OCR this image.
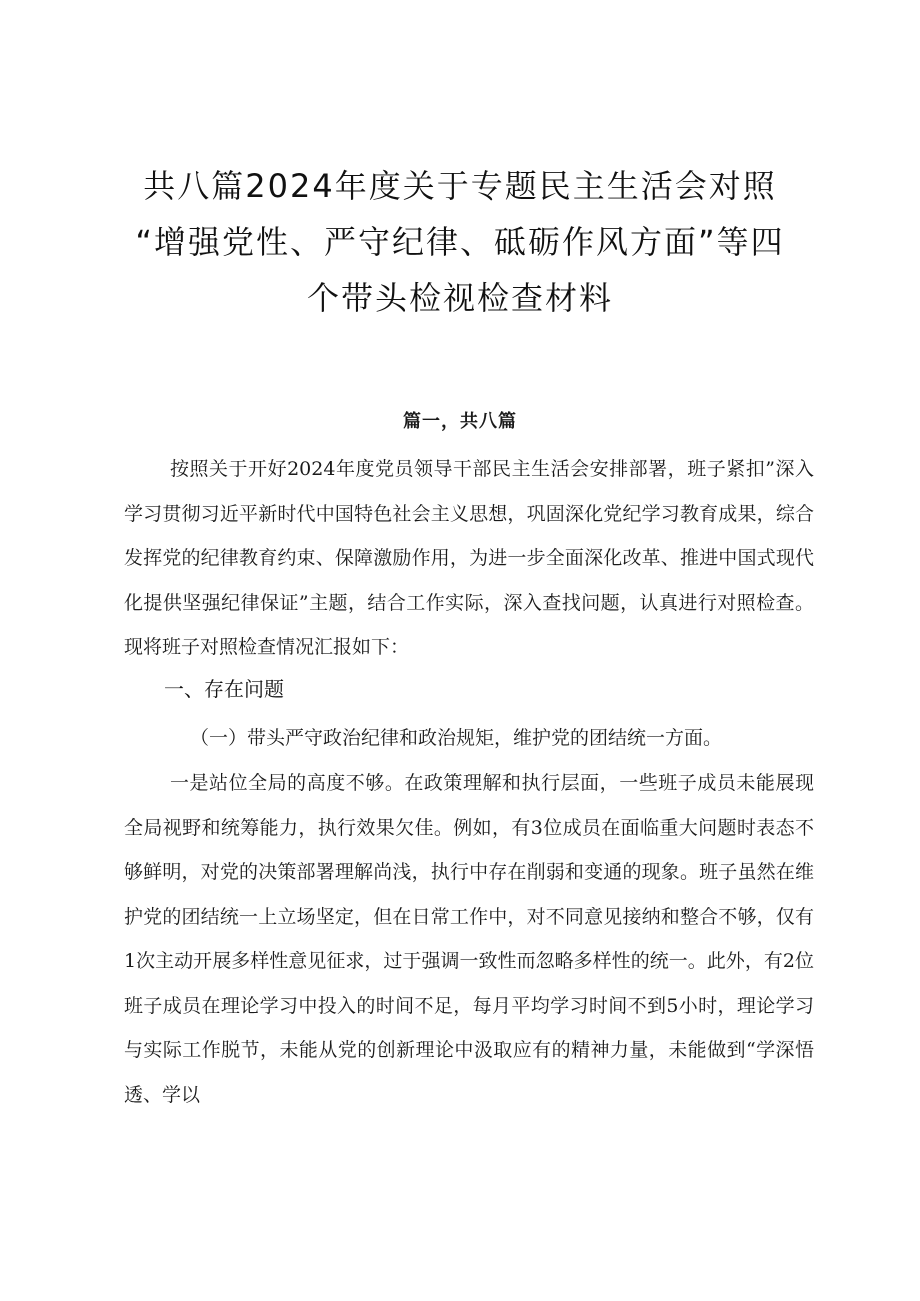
共八篇2024年度关于专题民主生活会对照
“增强党性、严守纪律、砥砺作风方面”等四
个带头检视检查材料
篇一，共八篇
按照关于开好2024年度党员领导干部民主生活会安排部署，班子紧扣”深入学习贯彻习近平新时代中国特色社会主义思想，巩固深化党纪学习教育成果，综合发挥党的纪律教育约束、保障激励作用，为进一步全面深化改革、推进中国式现代化提供坚强纪律保证”主题，结合工作实际，深入查找问题，认真进行对照检查。现将班子对照检查情况汇报如下：
一、存在问题
（一）带头严守政治纪律和政治规矩，维护党的团结统一方面。
一是站位全局的高度不够。在政策理解和执行层面，一些班子成员未能展现全局视野和统筹能力，执行效果欠佳。例如，有3位成员在面临重大问题时表态不够鲜明，对党的决策部署理解尚浅，执行中存在削弱和变通的现象。班子虽然在维护党的团结统一上立场坚定，但在日常工作中，对不同意见接纳和整合不够，仅有1次主动开展多样性意见征求，过于强调一致性而忽略多样性的统一。此外，有2位班子成员在理论学习中投入的时间不足，每月平均学习时间不到5小时，理论学习与实际工作脱节，未能从党的创新理论中汲取应有的精神力量，未能做到“学深悟透、学以
